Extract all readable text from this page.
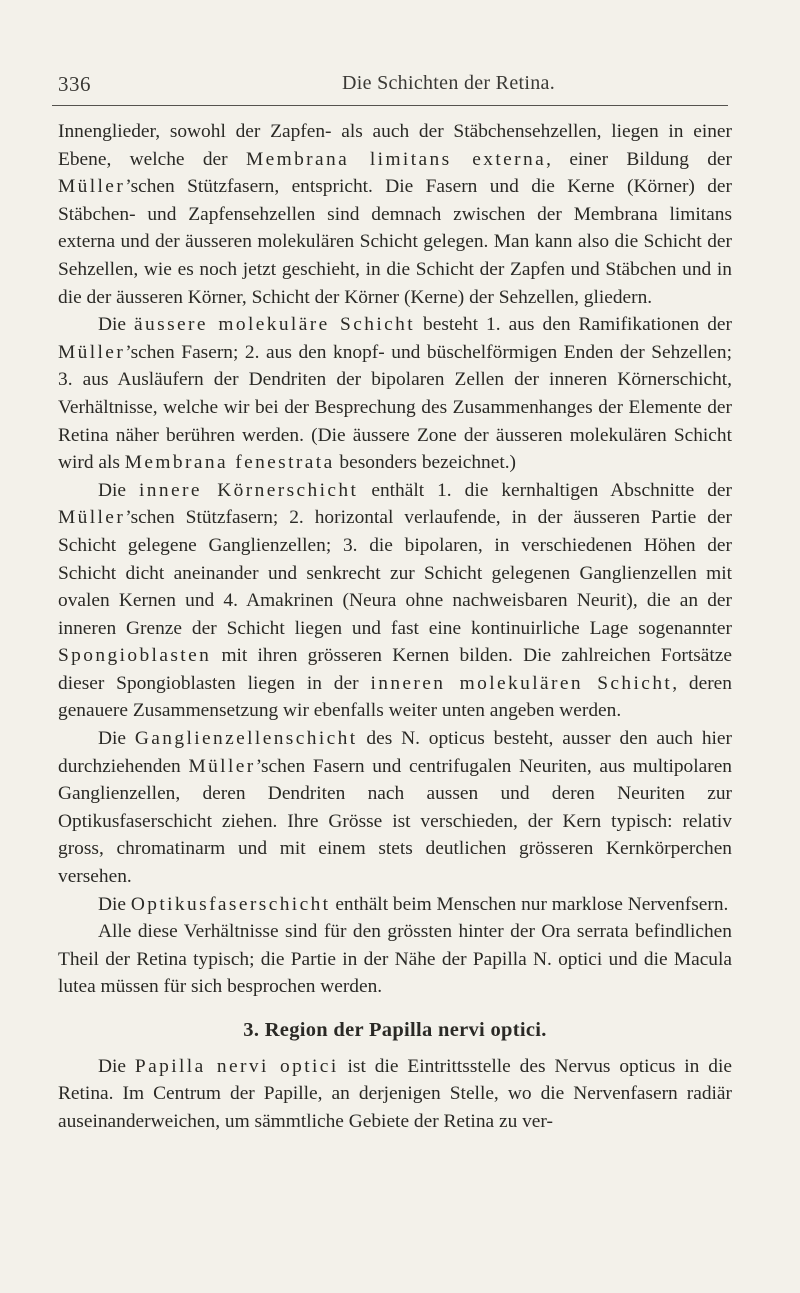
336	Die Schichten der Retina.

Innenglieder, sowohl der Zapfen- als auch der Stäbchensehzellen, liegen in einer Ebene, welche der Membrana limitans externa, einer Bildung der Müller’schen Stützfasern, entspricht. Die Fasern und die Kerne (Körner) der Stäbchen- und Zapfensehzellen sind demnach zwischen der Membrana limitans externa und der äusseren molekulären Schicht gelegen. Man kann also die Schicht der Sehzellen, wie es noch jetzt geschieht, in die Schicht der Zapfen und Stäbchen und in die der äusseren Körner, Schicht der Körner (Kerne) der Sehzellen, gliedern.

Die äussere molekuläre Schicht besteht 1. aus den Ramifikationen der Müller’schen Fasern; 2. aus den knopf- und büschelförmigen Enden der Sehzellen; 3. aus Ausläufern der Dendriten der bipolaren Zellen der inneren Körnerschicht, Verhältnisse, welche wir bei der Besprechung des Zusammenhanges der Elemente der Retina näher berühren werden. (Die äussere Zone der äusseren molekulären Schicht wird als Membrana fenestrata besonders bezeichnet.)

Die innere Körnerschicht enthält 1. die kernhaltigen Abschnitte der Müller’schen Stützfasern; 2. horizontal verlaufende, in der äusseren Partie der Schicht gelegene Ganglienzellen; 3. die bipolaren, in verschiedenen Höhen der Schicht dicht aneinander und senkrecht zur Schicht gelegenen Ganglienzellen mit ovalen Kernen und 4. Amakrinen (Neura ohne nachweisbaren Neurit), die an der inneren Grenze der Schicht liegen und fast eine kontinuirliche Lage sogenannter Spongioblasten mit ihren grösseren Kernen bilden. Die zahlreichen Fortsätze dieser Spongioblasten liegen in der inneren molekulären Schicht, deren genauere Zusammensetzung wir ebenfalls weiter unten angeben werden.

Die Ganglienzellenschicht des N. opticus besteht, ausser den auch hier durchziehenden Müller’schen Fasern und centrifugalen Neuriten, aus multipolaren Ganglienzellen, deren Dendriten nach aussen und deren Neuriten zur Optikusfaserschicht ziehen. Ihre Grösse ist verschieden, der Kern typisch: relativ gross, chromatinarm und mit einem stets deutlichen grösseren Kernkörperchen versehen.

Die Optikusfaserschicht enthält beim Menschen nur marklose Nervenfsern.

Alle diese Verhältnisse sind für den grössten hinter der Ora serrata befindlichen Theil der Retina typisch; die Partie in der Nähe der Papilla N. optici und die Macula lutea müssen für sich besprochen werden.

3. Region der Papilla nervi optici.

Die Papilla nervi optici ist die Eintrittsstelle des Nervus opticus in die Retina. Im Centrum der Papille, an derjenigen Stelle, wo die Nervenfasern radiär auseinanderweichen, um sämmtliche Gebiete der Retina zu ver-
